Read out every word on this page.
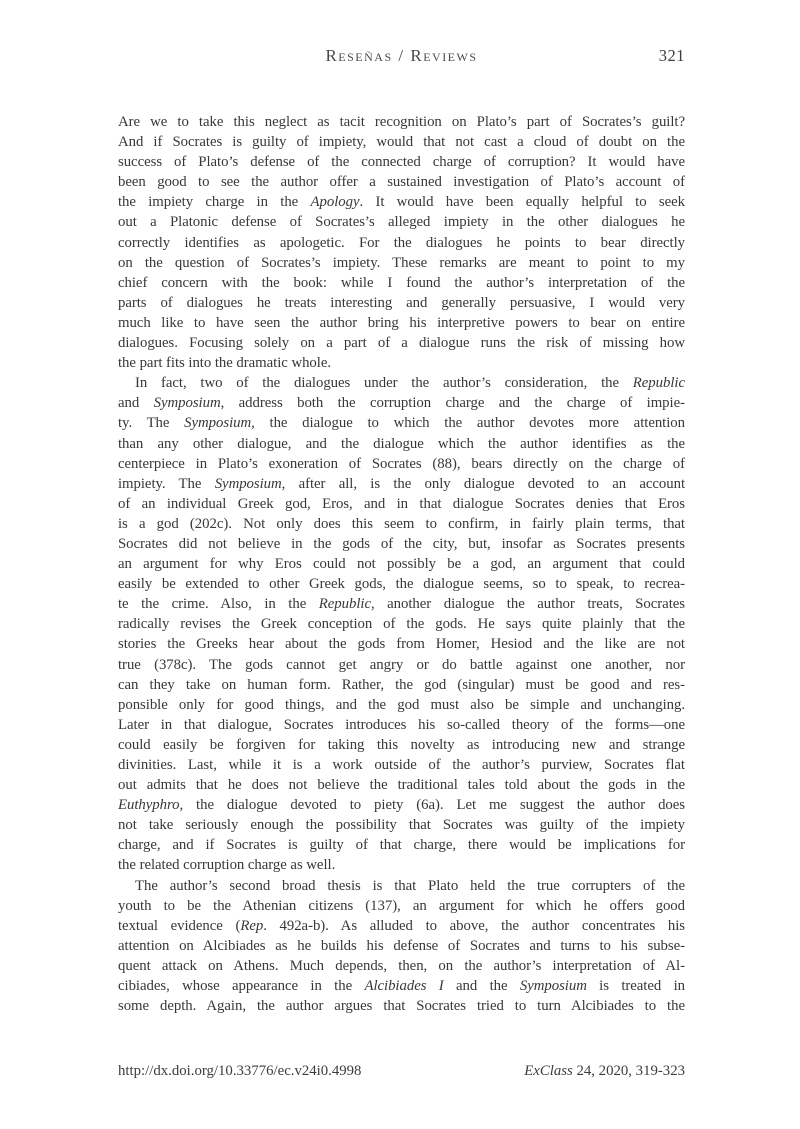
Reseñas / Reviews	321
Are we to take this neglect as tacit recognition on Plato’s part of Socrates’s guilt?
And if Socrates is guilty of impiety, would that not cast a cloud of doubt on the
success of Plato’s defense of the connected charge of corruption? It would have
been good to see the author offer a sustained investigation of Plato’s account of
the impiety charge in the Apology. It would have been equally helpful to seek
out a Platonic defense of Socrates’s alleged impiety in the other dialogues he
correctly identifies as apologetic. For the dialogues he points to bear directly
on the question of Socrates’s impiety. These remarks are meant to point to my
chief concern with the book: while I found the author’s interpretation of the
parts of dialogues he treats interesting and generally persuasive, I would very
much like to have seen the author bring his interpretive powers to bear on entire
dialogues. Focusing solely on a part of a dialogue runs the risk of missing how
the part fits into the dramatic whole.
In fact, two of the dialogues under the author’s consideration, the Republic
and Symposium, address both the corruption charge and the charge of impie-
ty. The Symposium, the dialogue to which the author devotes more attention
than any other dialogue, and the dialogue which the author identifies as the
centerpiece in Plato’s exoneration of Socrates (88), bears directly on the charge of
impiety. The Symposium, after all, is the only dialogue devoted to an account
of an individual Greek god, Eros, and in that dialogue Socrates denies that Eros
is a god (202c). Not only does this seem to confirm, in fairly plain terms, that
Socrates did not believe in the gods of the city, but, insofar as Socrates presents
an argument for why Eros could not possibly be a god, an argument that could
easily be extended to other Greek gods, the dialogue seems, so to speak, to recrea-
te the crime. Also, in the Republic, another dialogue the author treats, Socrates
radically revises the Greek conception of the gods. He says quite plainly that the
stories the Greeks hear about the gods from Homer, Hesiod and the like are not
true (378c). The gods cannot get angry or do battle against one another, nor
can they take on human form. Rather, the god (singular) must be good and res-
ponsible only for good things, and the god must also be simple and unchanging.
Later in that dialogue, Socrates introduces his so-called theory of the forms—one
could easily be forgiven for taking this novelty as introducing new and strange
divinities. Last, while it is a work outside of the author’s purview, Socrates flat
out admits that he does not believe the traditional tales told about the gods in the
Euthyphro, the dialogue devoted to piety (6a). Let me suggest the author does
not take seriously enough the possibility that Socrates was guilty of the impiety
charge, and if Socrates is guilty of that charge, there would be implications for
the related corruption charge as well.
The author’s second broad thesis is that Plato held the true corrupters of the
youth to be the Athenian citizens (137), an argument for which he offers good
textual evidence (Rep. 492a-b). As alluded to above, the author concentrates his
attention on Alcibiades as he builds his defense of Socrates and turns to his subse-
quent attack on Athens. Much depends, then, on the author’s interpretation of Al-
cibiades, whose appearance in the Alcibiades I and the Symposium is treated in
some depth. Again, the author argues that Socrates tried to turn Alcibiades to the
http://dx.doi.org/10.33776/ec.v24i0.4998	ExClass 24, 2020, 319-323
